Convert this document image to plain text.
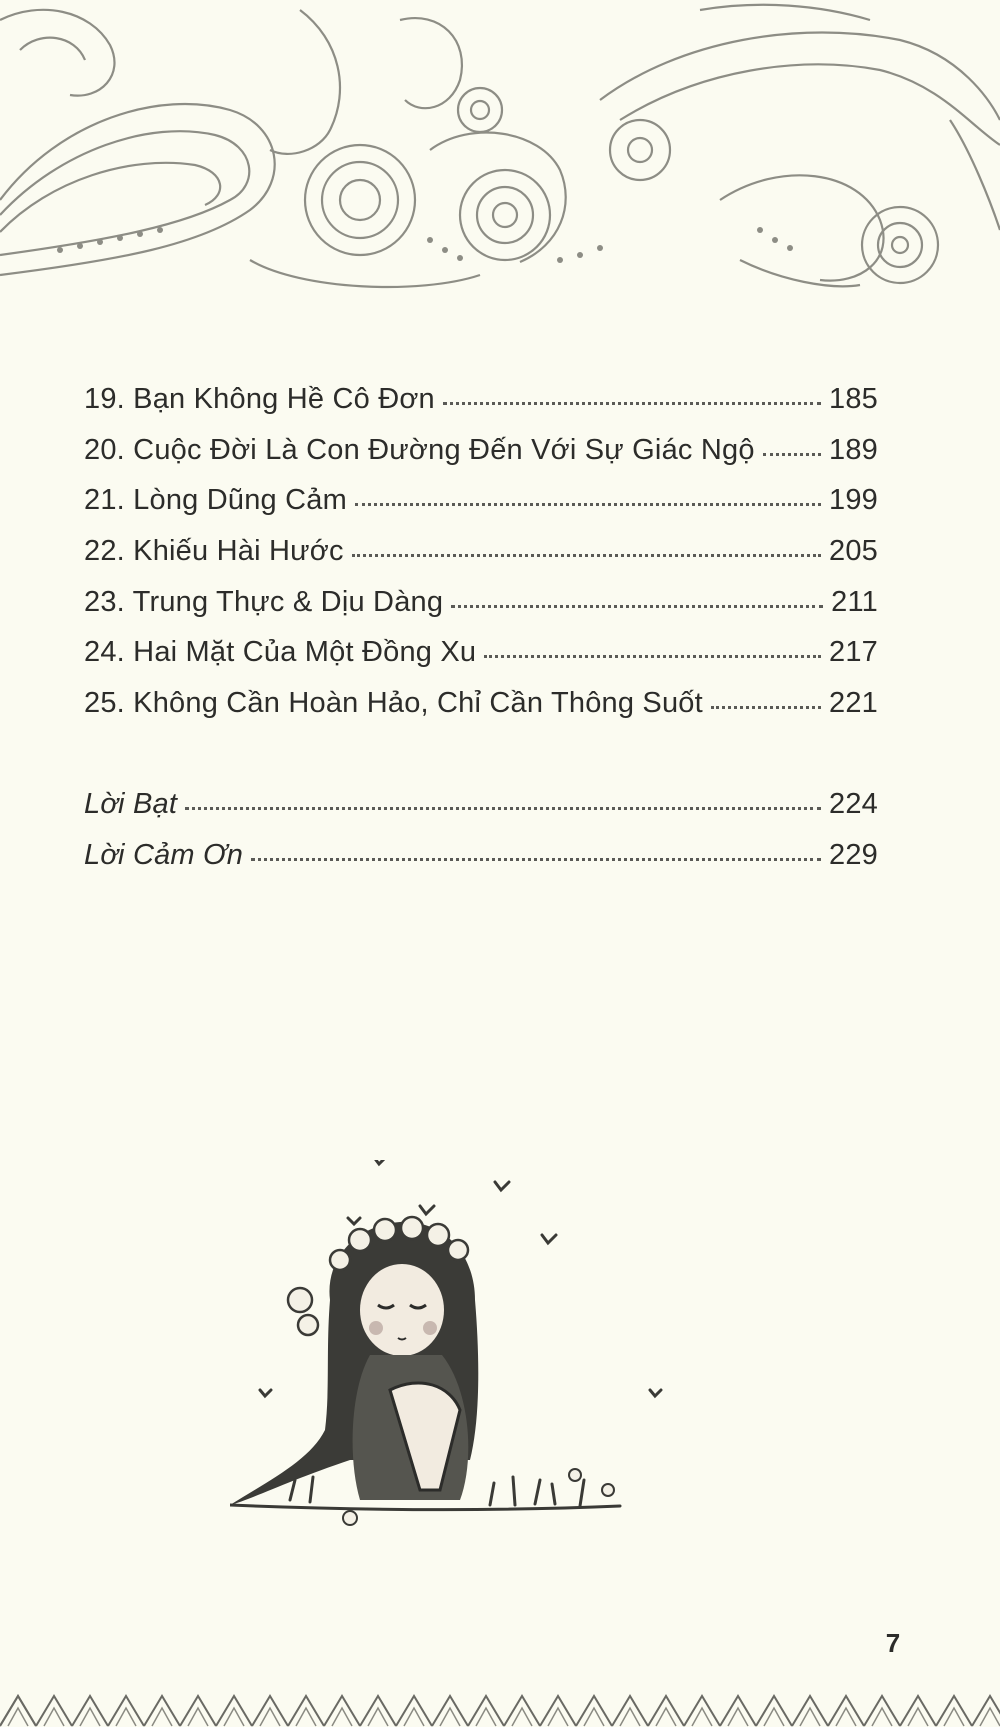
19. Bạn Không Hề Cô Đơn	185
20. Cuộc Đời Là Con Đường Đến Với Sự Giác Ngộ	189
21. Lòng Dũng Cảm	199
22. Khiếu Hài Hước	205
23. Trung Thực & Dịu Dàng	211
24. Hai Mặt Của Một Đồng Xu	217
25. Không Cần Hoàn Hảo, Chỉ Cần Thông Suốt	221
Lời Bạt	224
Lời Cảm Ơn	229
7
